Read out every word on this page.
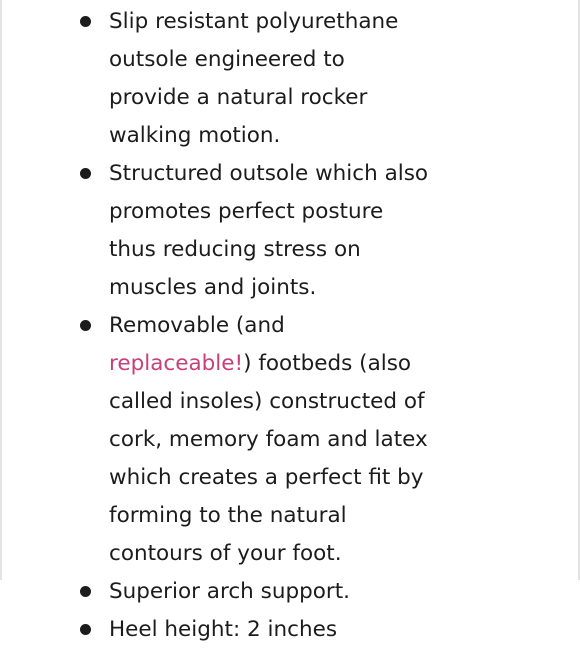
Slip resistant polyurethane outsole engineered to provide a natural rocker walking motion.
Structured outsole which also promotes perfect posture thus reducing stress on muscles and joints.
Removable (and replaceable!) footbeds (also called insoles) constructed of cork, memory foam and latex which creates a perfect fit by forming to the natural contours of your foot.
Superior arch support.
Heel height: 2 inches
